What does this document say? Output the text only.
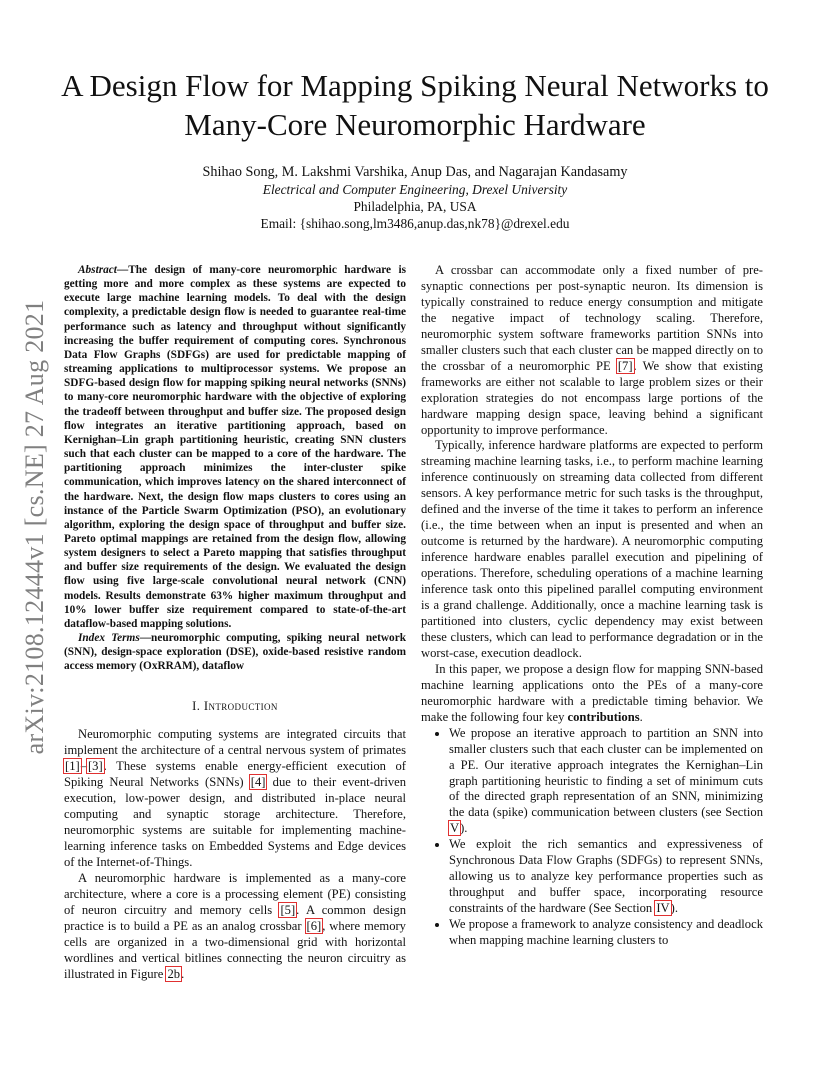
arXiv:2108.12444v1 [cs.NE] 27 Aug 2021
A Design Flow for Mapping Spiking Neural Networks to Many-Core Neuromorphic Hardware
Shihao Song, M. Lakshmi Varshika, Anup Das, and Nagarajan Kandasamy
Electrical and Computer Engineering, Drexel University
Philadelphia, PA, USA
Email: {shihao.song,lm3486,anup.das,nk78}@drexel.edu

Abstract—The design of many-core neuromorphic hardware is getting more and more complex as these systems are expected to execute large machine learning models. To deal with the design complexity, a predictable design flow is needed to guarantee real-time performance such as latency and throughput without significantly increasing the buffer requirement of computing cores. Synchronous Data Flow Graphs (SDFGs) are used for predictable mapping of streaming applications to multiprocessor systems. We propose an SDFG-based design flow for mapping spiking neural networks (SNNs) to many-core neuromorphic hardware with the objective of exploring the tradeoff between throughput and buffer size. The proposed design flow integrates an iterative partitioning approach, based on Kernighan–Lin graph partitioning heuristic, creating SNN clusters such that each cluster can be mapped to a core of the hardware. The partitioning approach minimizes the inter-cluster spike communication, which improves latency on the shared interconnect of the hardware. Next, the design flow maps clusters to cores using an instance of the Particle Swarm Optimization (PSO), an evolutionary algorithm, exploring the design space of throughput and buffer size. Pareto optimal mappings are retained from the design flow, allowing system designers to select a Pareto mapping that satisfies throughput and buffer size requirements of the design. We evaluated the design flow using five large-scale convolutional neural network (CNN) models. Results demonstrate 63% higher maximum throughput and 10% lower buffer size requirement compared to state-of-the-art dataflow-based mapping solutions.

Index Terms—neuromorphic computing, spiking neural network (SNN), design-space exploration (DSE), oxide-based resistive random access memory (OxRRAM), dataflow

I. Introduction

Neuromorphic computing systems are integrated circuits that implement the architecture of a central nervous system of primates [1]–[3]. These systems enable energy-efficient execution of Spiking Neural Networks (SNNs) [4] due to their event-driven execution, low-power design, and distributed in-place neural computing and synaptic storage architecture. Therefore, neuromorphic systems are suitable for implementing machine-learning inference tasks on Embedded Systems and Edge devices of the Internet-of-Things.

A neuromorphic hardware is implemented as a many-core architecture, where a core is a processing element (PE) consisting of neuron circuitry and memory cells [5]. A common design practice is to build a PE as an analog crossbar [6], where memory cells are organized in a two-dimensional grid with horizontal wordlines and vertical bitlines connecting the neuron circuitry as illustrated in Figure 2b.

A crossbar can accommodate only a fixed number of pre-synaptic connections per post-synaptic neuron. Its dimension is typically constrained to reduce energy consumption and mitigate the negative impact of technology scaling. Therefore, neuromorphic system software frameworks partition SNNs into smaller clusters such that each cluster can be mapped directly on to the crossbar of a neuromorphic PE [7]. We show that existing frameworks are either not scalable to large problem sizes or their exploration strategies do not encompass large portions of the hardware mapping design space, leaving behind a significant opportunity to improve performance.

Typically, inference hardware platforms are expected to perform streaming machine learning tasks, i.e., to perform machine learning inference continuously on streaming data collected from different sensors. A key performance metric for such tasks is the throughput, defined and the inverse of the time it takes to perform an inference (i.e., the time between when an input is presented and when an outcome is returned by the hardware). A neuromorphic computing inference hardware enables parallel execution and pipelining of operations. Therefore, scheduling operations of a machine learning inference task onto this pipelined parallel computing environment is a grand challenge. Additionally, once a machine learning task is partitioned into clusters, cyclic dependency may exist between these clusters, which can lead to performance degradation or in the worst-case, execution deadlock.

In this paper, we propose a design flow for mapping SNN-based machine learning applications onto the PEs of a many-core neuromorphic hardware with a predictable timing behavior. We make the following four key contributions.

• We propose an iterative approach to partition an SNN into smaller clusters such that each cluster can be implemented on a PE. Our iterative approach integrates the Kernighan–Lin graph partitioning heuristic to finding a set of minimum cuts of the directed graph representation of an SNN, minimizing the data (spike) communication between clusters (see Section V).
• We exploit the rich semantics and expressiveness of Synchronous Data Flow Graphs (SDFGs) to represent SNNs, allowing us to analyze key performance properties such as throughput and buffer space, incorporating resource constraints of the hardware (See Section IV).
• We propose a framework to analyze consistency and deadlock when mapping machine learning clusters to
